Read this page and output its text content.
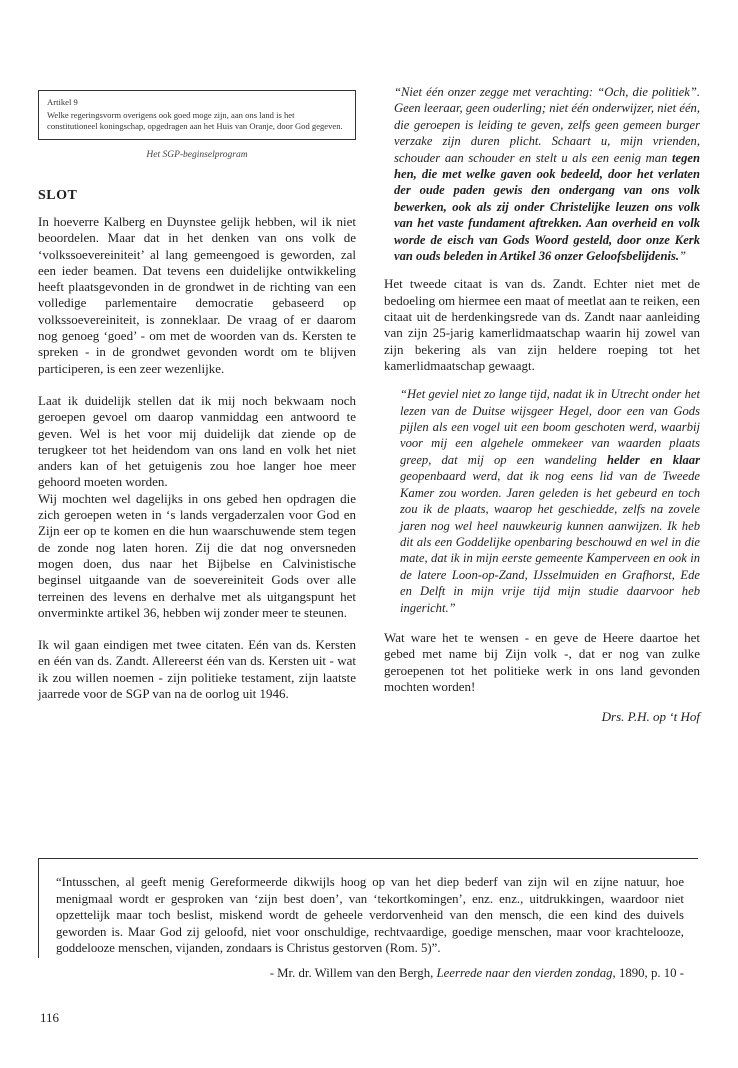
Artikel 9
Welke regeringsvorm overigens ook goed moge zijn, aan ons land is het constitutioneel koningschap, opgedragen aan het Huis van Oranje, door God gegeven.
Het SGP-beginselprogram
SLOT

In hoeverre Kalberg en Duynstee gelijk hebben, wil ik niet beoordelen. Maar dat in het denken van ons volk de ‘volkssoevereiniteit’ al lang gemeengoed is geworden, zal een ieder beamen. Dat tevens een duidelijke ontwikkeling heeft plaatsgevonden in de grondwet in de richting van een volledige parlementaire democratie gebaseerd op volkssoevereiniteit, is zonneklaar. De vraag of er daarom nog genoeg ‘goed’ - om met de woorden van ds. Kersten te spreken - in de grondwet gevonden wordt om te blijven participeren, is een zeer wezenlijke.

Laat ik duidelijk stellen dat ik mij noch bekwaam noch geroepen gevoel om daarop vanmiddag een antwoord te geven. Wel is het voor mij duidelijk dat ziende op de terugkeer tot het heidendom van ons land en volk het niet anders kan of het getuigenis zou hoe langer hoe meer gehoord moeten worden.

Wij mochten wel dagelijks in ons gebed hen opdragen die zich geroepen weten in ‘s lands vergaderzalen voor God en Zijn eer op te komen en die hun waarschuwende stem tegen de zonde nog laten horen. Zij die dat nog onversneden mogen doen, dus naar het Bijbelse en Calvinistische beginsel uitgaande van de soevereiniteit Gods over alle terreinen des levens en derhalve met als uitgangspunt het onverminkte artikel 36, hebben wij zonder meer te steunen.

Ik wil gaan eindigen met twee citaten. Eén van ds. Kersten en één van ds. Zandt. Allereerst één van ds. Kersten uit - wat ik zou willen noemen - zijn politieke testament, zijn laatste jaarrede voor de SGP van na de oorlog uit 1946.

“Niet één onzer zegge met verachting: “Och, die politiek”. Geen leeraar, geen ouderling; niet één onderwijzer, niet één, die geroepen is leiding te geven, zelfs geen gemeen burger verzake zijn duren plicht. Schaart u, mijn vrienden, schouder aan schouder en stelt u als een eenig man tegen hen, die met welke gaven ook bedeeld, door het verlaten der oude paden gewis den ondergang van ons volk bewerken, ook als zij onder Christelijke leuzen ons volk van het vaste fundament aftrekken. Aan overheid en volk worde de eisch van Gods Woord gesteld, door onze Kerk van ouds beleden in Artikel 36 onzer Geloofsbelijdenis.”

Het tweede citaat is van ds. Zandt. Echter niet met de bedoeling om hiermee een maat of meetlat aan te reiken, een citaat uit de herdenkingsrede van ds. Zandt naar aanleiding van zijn 25-jarig kamerlidmaatschap waarin hij zowel van zijn bekering als van zijn heldere roeping tot het kamerlidmaatschap gewaagt.

“Het geviel niet zo lange tijd, nadat ik in Utrecht onder het lezen van de Duitse wijsgeer Hegel, door een van Gods pijlen als een vogel uit een boom geschoten werd, waarbij voor mij een algehele ommekeer van waarden plaats greep, dat mij op een wandeling helder en klaar geopenbaard werd, dat ik nog eens lid van de Tweede Kamer zou worden. Jaren geleden is het gebeurd en toch zou ik de plaats, waarop het geschiedde, zelfs na zovele jaren nog wel heel nauwkeurig kunnen aanwijzen. Ik heb dit als een Goddelijke openbaring beschouwd en wel in die mate, dat ik in mijn eerste gemeente Kamperveen en ook in de latere Loon-op-Zand, IJsselmuiden en Grafhorst, Ede en Delft in mijn vrije tijd mijn studie daarvoor heb ingericht.”

Wat ware het te wensen - en geve de Heere daartoe het gebed met name bij Zijn volk -, dat er nog van zulke geroepenen tot het politieke werk in ons land gevonden mochten worden!

Drs. P.H. op ‘t Hof
“Intusschen, al geeft menig Gereformeerde dikwijls hoog op van het diep bederf van zijn wil en zijne natuur, hoe menigmaal wordt er gesproken van ‘zijn best doen’, van ‘tekortkomingen’, enz. enz., uitdrukkingen, waardoor niet opzettelijk maar toch beslist, miskend wordt de geheele verdorvenheid van den mensch, die een kind des duivels geworden is. Maar God zij geloofd, niet voor onschuldige, rechtvaardige, goedige menschen, maar voor krachtelooze, goddelooze menschen, vijanden, zondaars is Christus gestorven (Rom. 5)”.
- Mr. dr. Willem van den Bergh, Leerrede naar den vierden zondag, 1890, p. 10 -
116
